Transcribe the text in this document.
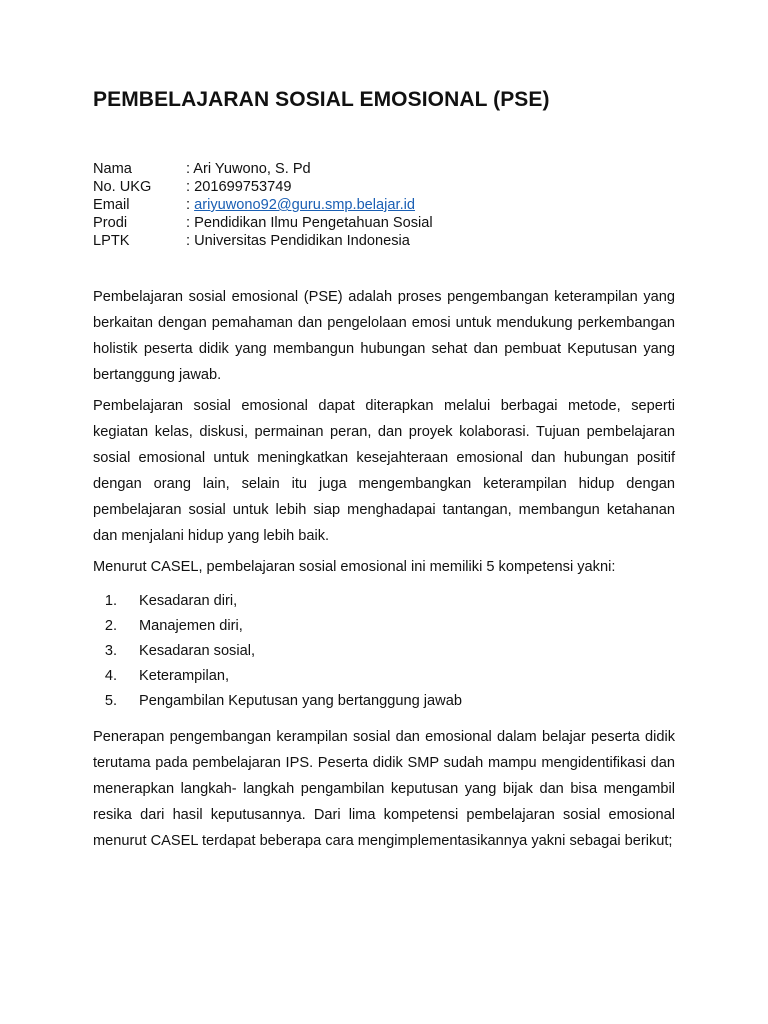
PEMBELAJARAN SOSIAL EMOSIONAL (PSE)
Nama	: Ari Yuwono, S. Pd
No. UKG	: 201699753749
Email	: ariyuwono92@guru.smp.belajar.id
Prodi	: Pendidikan Ilmu Pengetahuan Sosial
LPTK	: Universitas Pendidikan Indonesia

Pembelajaran sosial emosional (PSE) adalah proses pengembangan keterampilan yang berkaitan dengan pemahaman dan pengelolaan emosi untuk mendukung perkembangan holistik peserta didik yang membangun hubungan sehat dan pembuat Keputusan yang bertanggung jawab.

Pembelajaran sosial emosional dapat diterapkan melalui berbagai metode, seperti kegiatan kelas, diskusi, permainan peran, dan proyek kolaborasi. Tujuan pembelajaran sosial emosional untuk meningkatkan kesejahteraan emosional dan hubungan positif dengan orang lain, selain itu juga mengembangkan keterampilan hidup dengan pembelajaran sosial untuk lebih siap menghadapai tantangan, membangun ketahanan dan menjalani hidup yang lebih baik.

Menurut CASEL, pembelajaran sosial emosional ini memiliki 5 kompetensi yakni:

1. Kesadaran diri,
2. Manajemen diri,
3. Kesadaran sosial,
4. Keterampilan,
5. Pengambilan Keputusan yang bertanggung jawab

Penerapan pengembangan kerampilan sosial dan emosional dalam belajar peserta didik terutama pada pembelajaran IPS. Peserta didik SMP sudah mampu mengidentifikasi dan menerapkan langkah- langkah pengambilan keputusan yang bijak dan bisa mengambil resika dari hasil keputusannya. Dari lima kompetensi pembelajaran sosial emosional menurut CASEL terdapat beberapa cara mengimplementasikannya yakni sebagai berikut;
